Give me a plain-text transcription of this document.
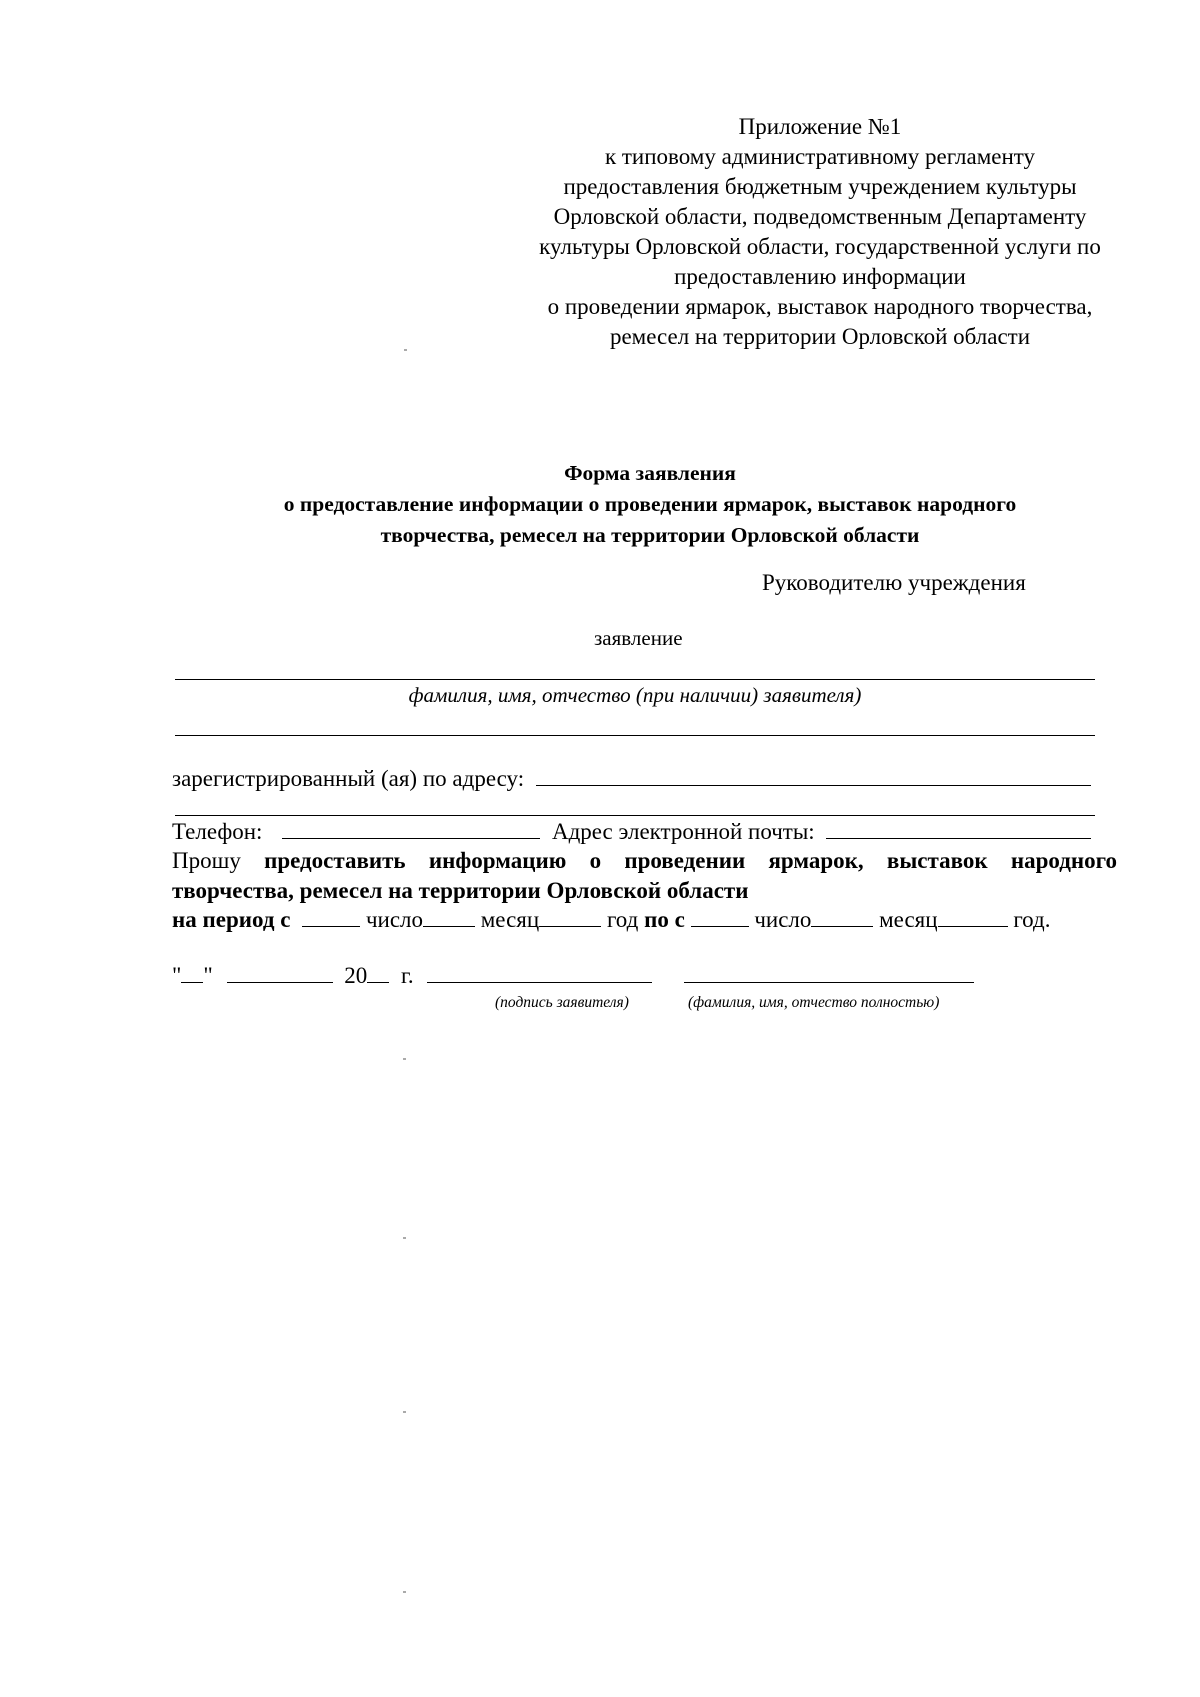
Приложение №1
к типовому административному регламенту
предоставления бюджетным учреждением культуры
Орловской области, подведомственным Департаменту
культуры Орловской области, государственной услуги по
предоставлению информации
о проведении ярмарок, выставок народного творчества,
ремесел на территории Орловской области
Форма заявления
о предоставление информации о проведении ярмарок, выставок народного
творчества, ремесел на территории Орловской области
Руководителю учреждения
заявление
фамилия, имя, отчество (при наличии) заявителя)
зарегистрированный (ая) по адресу:
Телефон:	Адрес электронной почты:
Прошу предоставить информацию о проведении ярмарок, выставок народного творчества, ремесел на территории Орловской области
на период с	число	месяц	год по с	число	месяц	год.
" "	20 г.
(подпись заявителя)	(фамилия, имя, отчество полностью)
